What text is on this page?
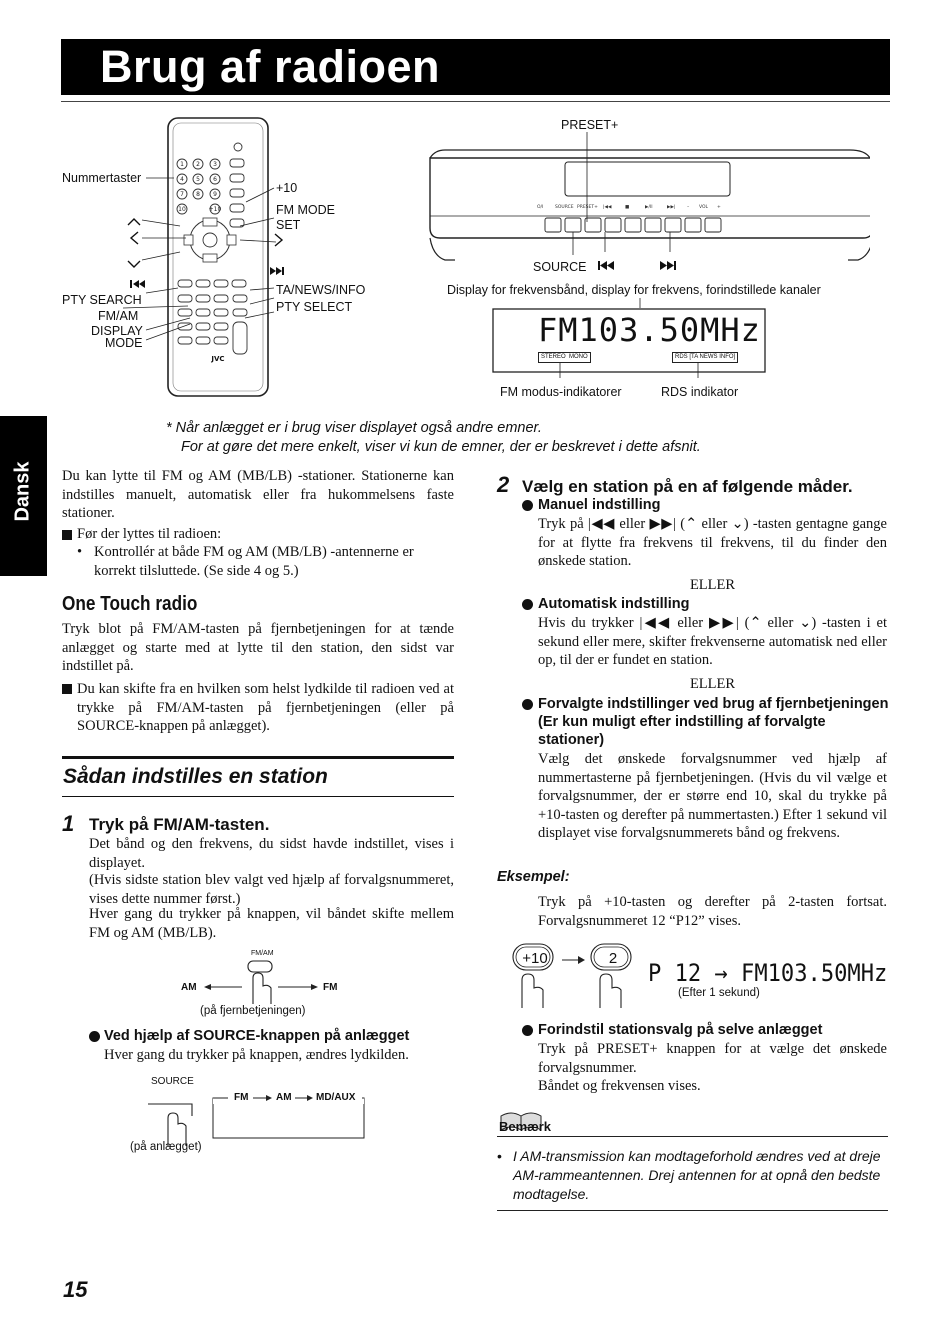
Brug af radioen
Dansk
1 2 3
4 5 6
7 8 9
10	+10
JVC
Nummertaster
PTY SEARCH
FM/AM
DISPLAY
MODE
+10
FM MODE
SET
TA/NEWS/INFO
PTY SELECT
O/I	SOURCE PRESET+ |◀◀	■	▶/II	▶▶|	– VOL +
PRESET+
SOURCE
Display for frekvensbånd, display for frekvens, forindstillede kanaler
FM103.50MHz
STEREO  MONO	RDS [TA NEWS INFO]
FM modus-indikatorer	RDS indikator
* Når anlægget er i brug viser displayet også andre emner.
For at gøre det mere enkelt, viser vi kun de emner, der er beskrevet i dette afsnit.
Du kan lytte til FM og AM (MB/LB) -stationer. Stationerne kan indstilles manuelt, automatisk eller fra hukommelsens faste stationer.
Før der lyttes til radioen:
• Kontrollér at både FM og AM (MB/LB) -antennerne er korrekt tilsluttede. (Se side 4 og 5.)
One Touch radio
Tryk blot på FM/AM-tasten på fjernbetjeningen for at tænde anlægget og starte med at lytte til den station, den sidst var indstillet på.
Du kan skifte fra en hvilken som helst lydkilde til radioen ved at trykke på FM/AM-tasten på fjernbetjeningen (eller på SOURCE-knappen på anlægget).
Sådan indstilles en station
1 Tryk på FM/AM-tasten.
Det bånd og den frekvens, du sidst havde indstillet, vises i displayet.
(Hvis sidste station blev valgt ved hjælp af forvalgsnummeret, vises dette nummer først.)
Hver gang du trykker på knappen, vil båndet skifte mellem FM og AM (MB/LB).
FM/AM
AM	FM
(på fjernbetjeningen)
Ved hjælp af SOURCE-knappen på anlægget
Hver gang du trykker på knappen, ændres lydkilden.
SOURCE
FM	AM MD/AUX
(på anlægget)
2 Vælg en station på en af følgende måder.
Manuel indstilling
Tryk på |◀◀ eller ▶▶| (⌃ eller ⌄) -tasten gentagne gange for at flytte fra frekvens til frekvens, til du finder den ønskede station.
ELLER
Automatisk indstilling
Hvis du trykker |◀◀ eller ▶▶| (⌃ eller ⌄) -tasten i et sekund eller mere, skifter frekvenserne automatisk ned eller op, til der er fundet en station.
ELLER
Forvalgte indstillinger ved brug af fjernbetjeningen (Er kun muligt efter indstilling af forvalgte stationer)
Vælg det ønskede forvalgsnummer ved hjælp af nummertasterne på fjernbetjeningen. (Hvis du vil vælge et forvalgsnummer, der er større end 10, skal du trykke på +10-tasten og derefter på nummertasten.) Efter 1 sekund vil displayet vise forvalgsnummerets bånd og frekvens.
Eksempel:
Tryk på +10-tasten og derefter på 2-tasten fortsat. Forvalgsnummeret 12 “P12” vises.
+10	2
P 12 → FM103.50MHz
(Efter 1 sekund)
Forindstil stationsvalg på selve anlægget
Tryk på PRESET+ knappen for at vælge det ønskede forvalgsnummer.
Båndet og frekvensen vises.
Bemærk
• I AM-transmission kan modtageforhold ændres ved at dreje AM-rammeantennen. Drej antennen for at opnå den bedste modtagelse.
15
